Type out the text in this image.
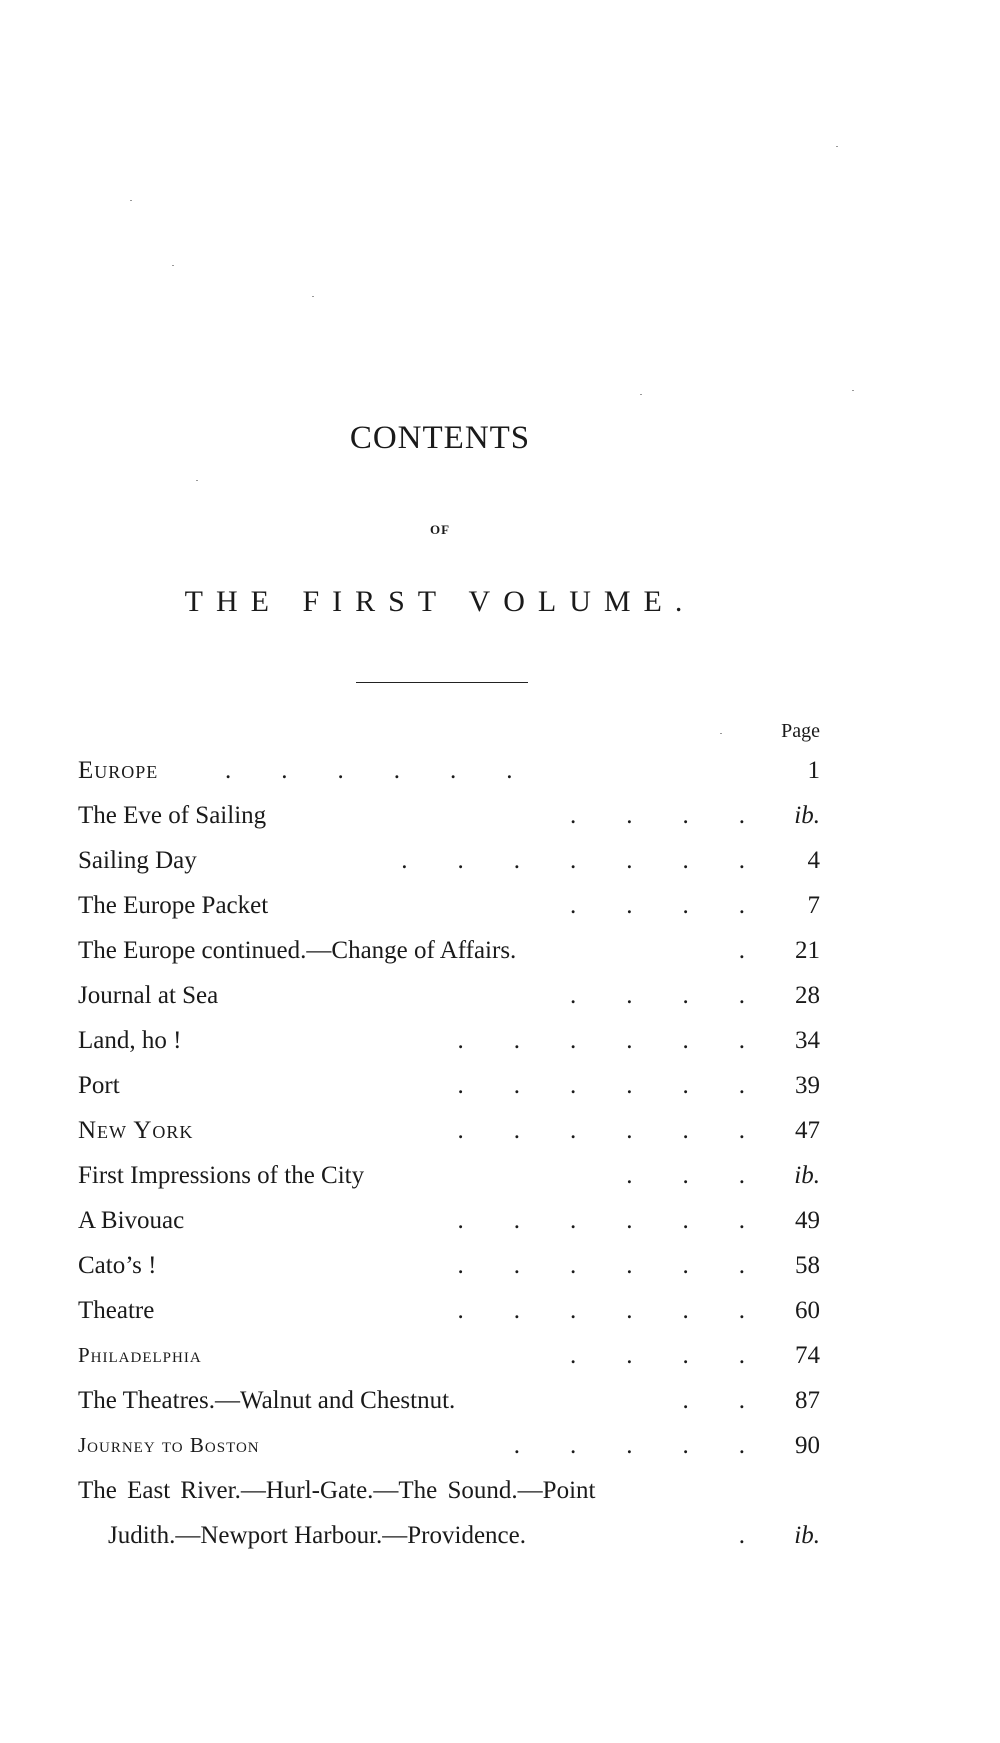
CONTENTS
OF
THE FIRST VOLUME.
Page
Europe	.        .        .        .        .        .	1
The Eve of Sailing	.        .        .        . ib.
Sailing Day	.        .        .        .        .        .        .	4
The Europe Packet	.        .        .        .	7
The Europe continued.—Change of Affairs.	. 21
Journal at Sea	.        .        .        . 28
Land, ho !	.        .        .        .        .        . 34
Port	.        .        .        .        .        . 39
New York	.        .        .        .        .        . 47
First Impressions of the City	.        .        . ib.
A Bivouac	.        .        .        .        .        . 49
Cato’s !	.        .        .        .        .        . 58
Theatre	.        .        .        .        .        . 60
Philadelphia	.        .        .        . 74
The Theatres.—Walnut and Chestnut.	.        . 87
Journey to Boston	.        .        .        .        . 90
The East River.—Hurl-Gate.—The Sound.—Point
Judith.—Newport Harbour.—Providence.	. ib.
